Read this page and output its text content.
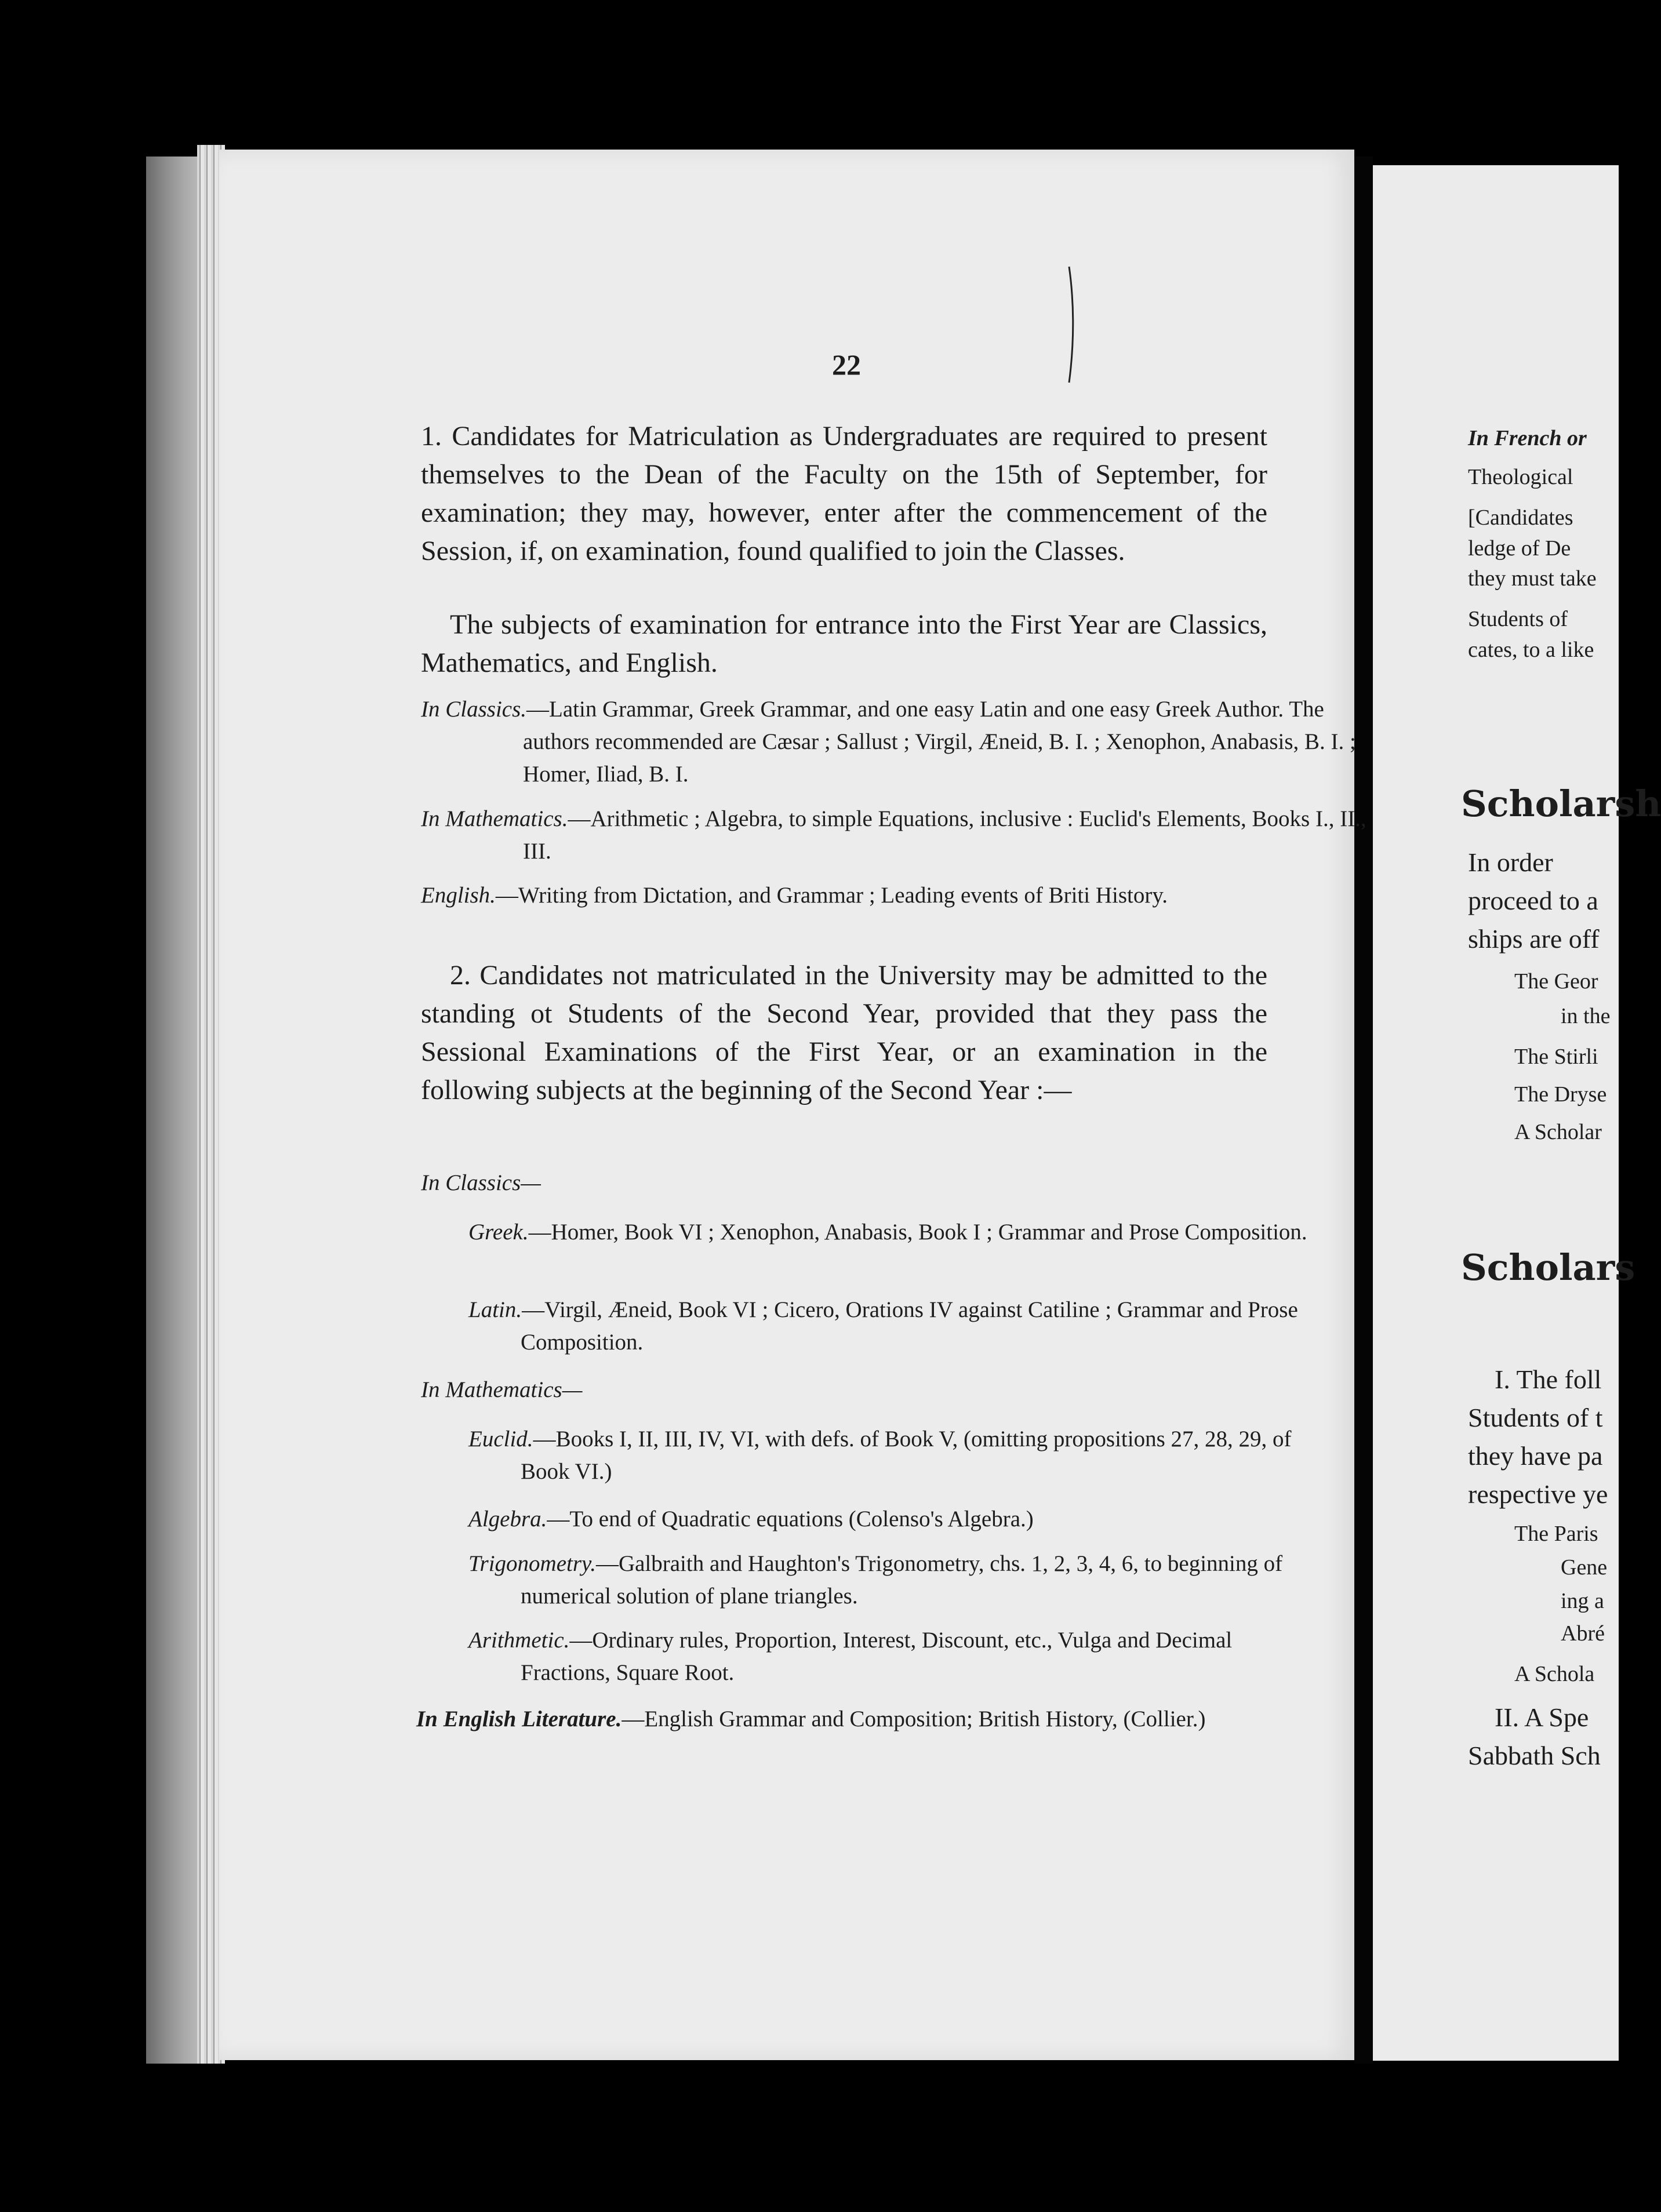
22
1. Candidates for Matriculation as Undergraduates are required to present themselves to the Dean of the Faculty on the 15th of September, for examination; they may, however, enter after the commencement of the Session, if, on examination, found qualified to join the Classes.
The subjects of examination for entrance into the First Year are Classics, Mathematics, and English.
In Classics.—Latin Grammar, Greek Grammar, and one easy Latin and one easy Greek Author. The authors recommended are Cæsar ; Sallust ; Virgil, Æneid, B. I. ; Xenophon, Anabasis, B. I. ; Homer, Iliad, B. I.
In Mathematics.—Arithmetic ; Algebra, to simple Equations, inclusive : Euclid's Elements, Books I., II., III.
English.—Writing from Dictation, and Grammar ; Leading events of Briti History.
2. Candidates not matriculated in the University may be admitted to the standing ot Students of the Second Year, provided that they pass the Sessional Examinations of the First Year, or an examination in the following subjects at the beginning of the Second Year :—
In Classics—
Greek.—Homer, Book VI ; Xenophon, Anabasis, Book I ; Grammar and Prose Composition.
Latin.—Virgil, Æneid, Book VI ; Cicero, Orations IV against Catiline ; Grammar and Prose Composition.
In Mathematics—
Euclid.—Books I, II, III, IV, VI, with defs. of Book V, (omitting propositions 27, 28, 29, of Book VI.)
Algebra.—To end of Quadratic equations (Colenso's Algebra.)
Trigonometry.—Galbraith and Haughton's Trigonometry, chs. 1, 2, 3, 4, 6, to beginning of numerical solution of plane triangles.
Arithmetic.—Ordinary rules, Proportion, Interest, Discount, etc., Vulga and Decimal Fractions, Square Root.
In English Literature.—English Grammar and Composition; British History, (Collier.)
In French or
Theological
[Candidates
ledge of De
they must take
Students of
cates, to a like
Scholarsh
In order
proceed to a
ships are off
The Geor
in the
The Stirli
The Dryse
A Scholar
Scholars
I. The foll
Students of t
they have pa
respective ye
The Paris
Gene
ing a
Abré
A Schola
II. A Spe
Sabbath Sch
